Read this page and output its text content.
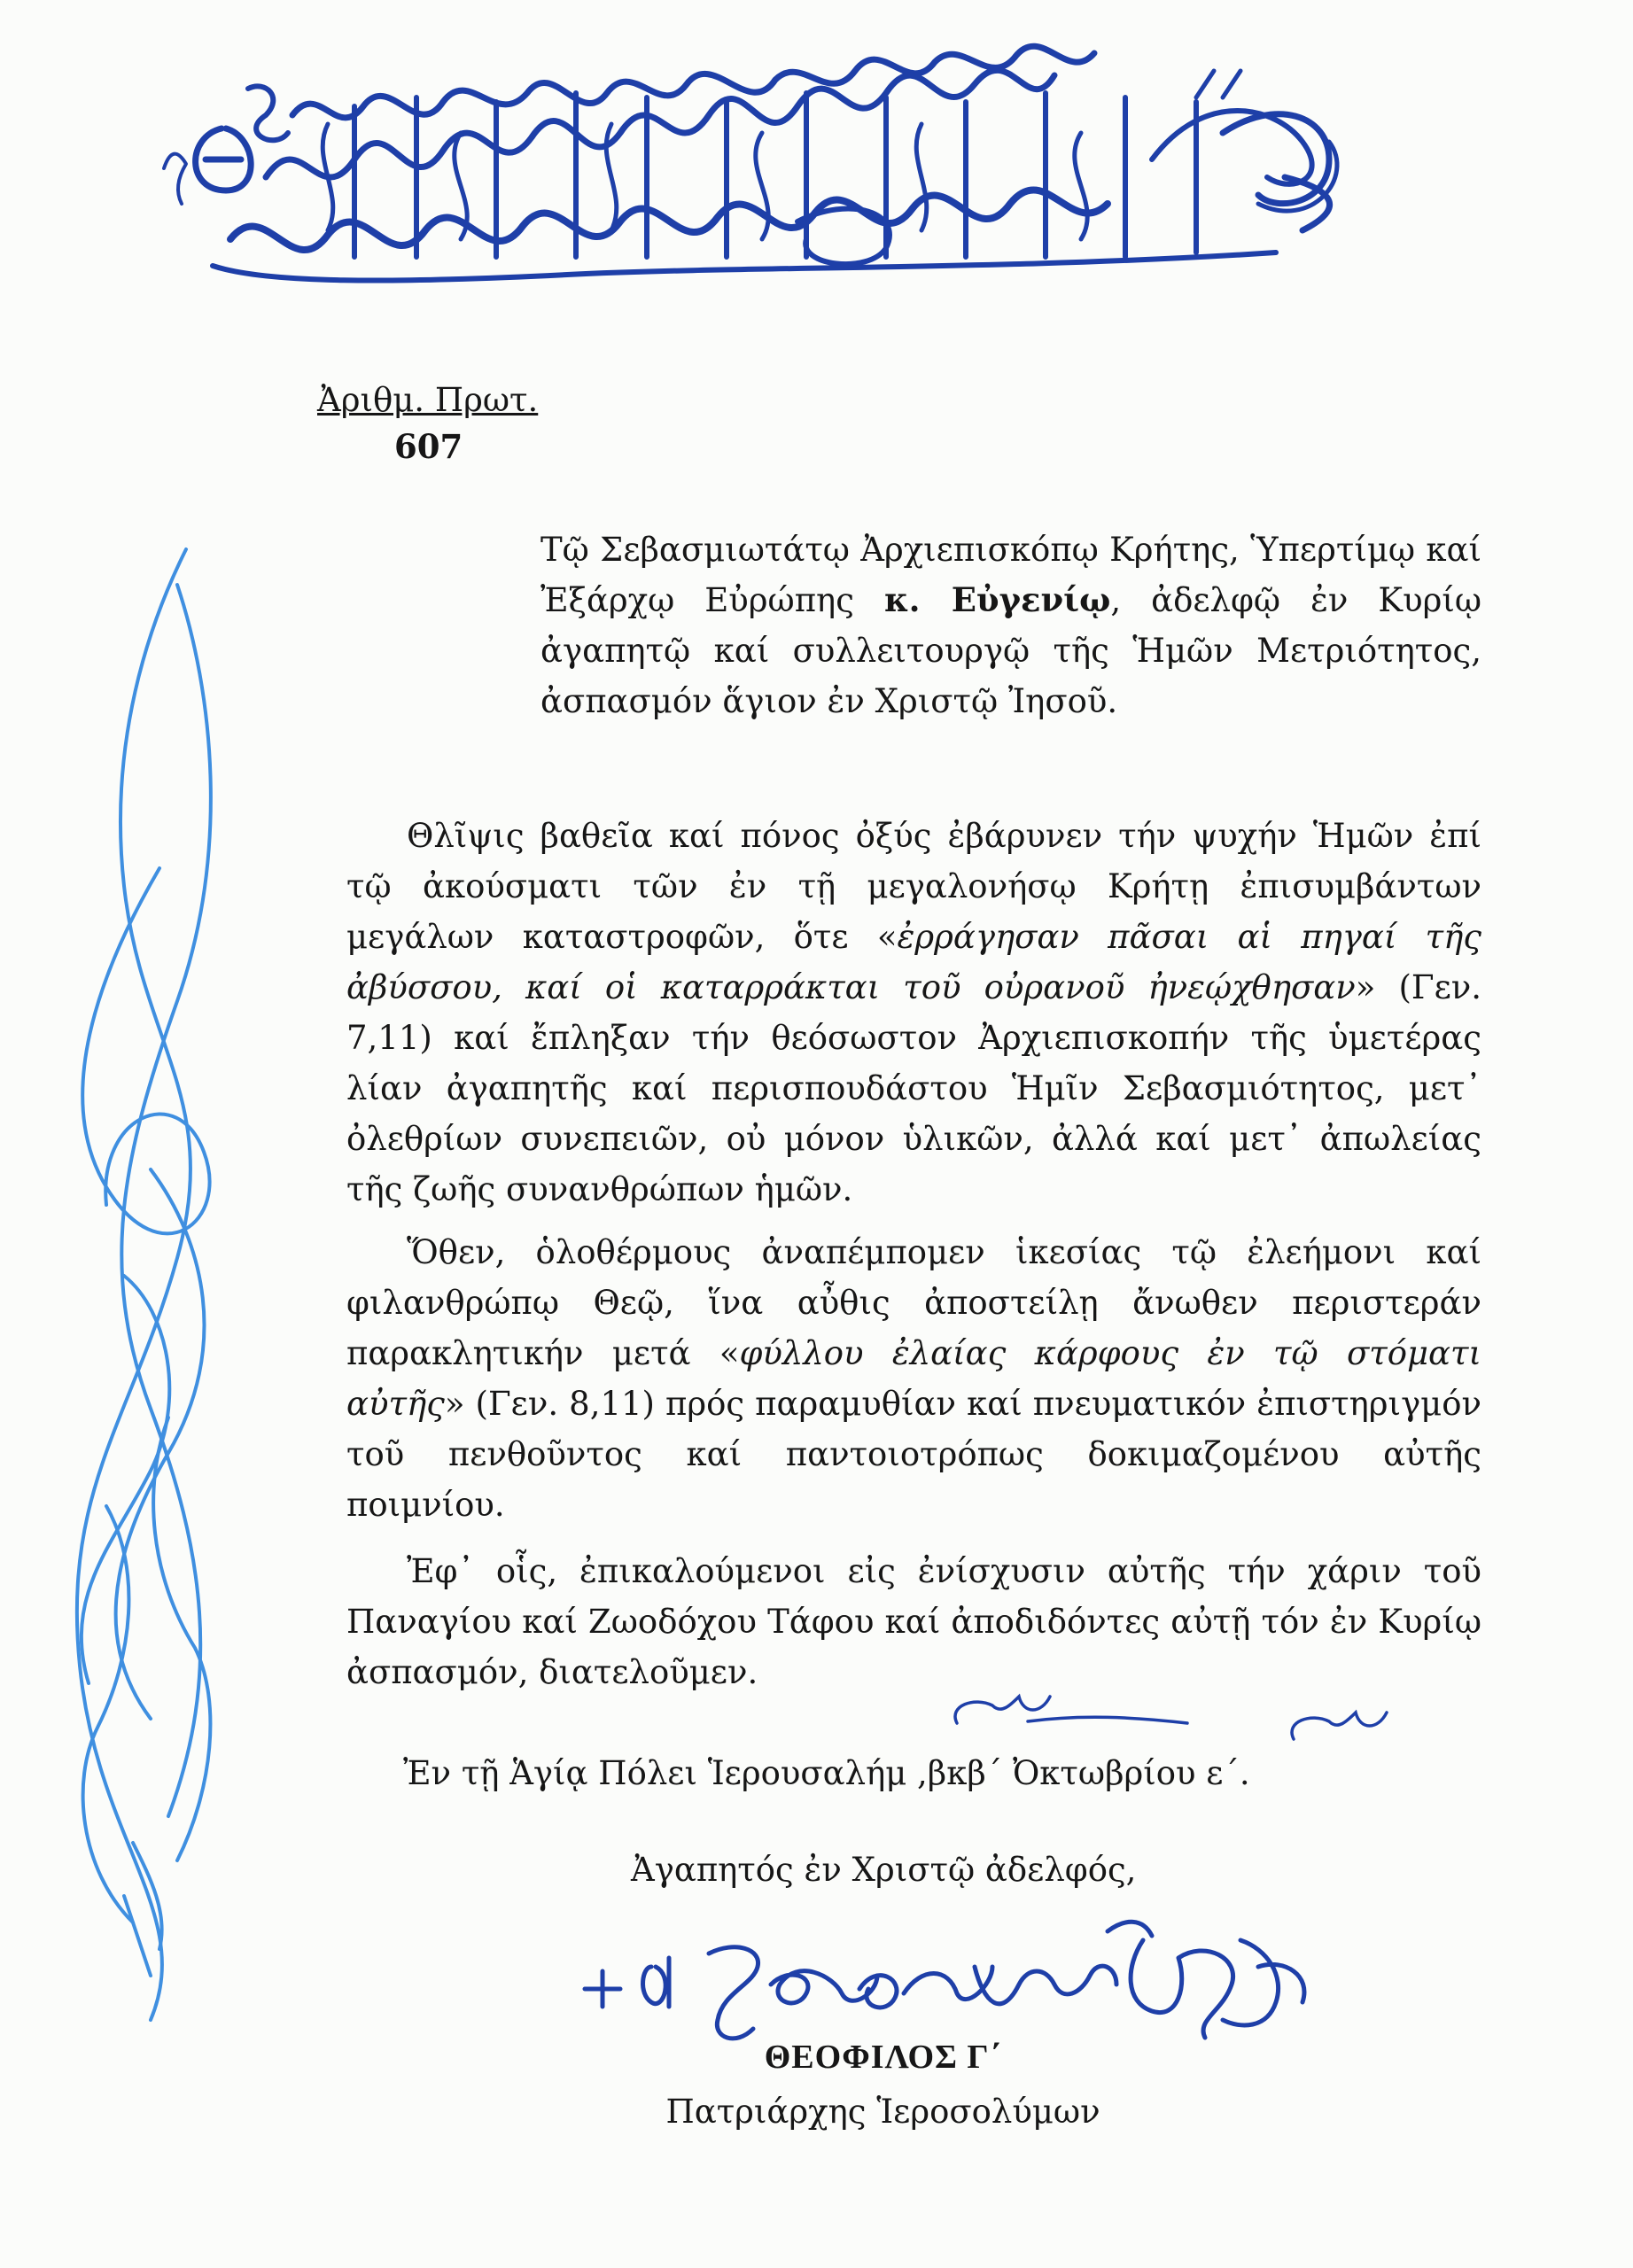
Ἀριθμ. Πρωτ.
607
Τῷ Σεβασμιωτάτῳ Ἀρχιεπισκόπῳ Κρήτης, Ὑπερτίμῳ καί Ἐξάρχῳ Εὐρώπης κ. Εὐγενίῳ, ἀδελφῷ ἐν Κυρίῳ ἀγαπητῷ καί συλλειτουργῷ τῆς Ἡμῶν Μετριότητος, ἀσπασμόν ἅγιον ἐν Χριστῷ Ἰησοῦ.
Θλῖψις βαθεῖα καί πόνος ὀξύς ἐβάρυνεν τήν ψυχήν Ἡμῶν ἐπί τῷ ἀκούσματι τῶν ἐν τῇ μεγαλονήσῳ Κρήτῃ ἐπισυμβάντων μεγάλων καταστροφῶν, ὅτε «ἐρράγησαν πᾶσαι αἱ πηγαί τῆς ἀβύσσου, καί οἱ καταρράκται τοῦ οὐρανοῦ ἠνεῴχθησαν» (Γεν. 7,11) καί ἔπληξαν τήν θεόσωστον Ἀρχιεπισκοπήν τῆς ὑμετέρας λίαν ἀγαπητῆς καί περισπουδάστου Ἡμῖν Σεβασμιότητος, μετ᾽ ὀλεθρίων συνεπειῶν, οὐ μόνον ὑλικῶν, ἀλλά καί μετ᾽ ἀπωλείας τῆς ζωῆς συνανθρώπων ἡμῶν.
Ὅθεν, ὁλοθέρμους ἀναπέμπομεν ἱκεσίας τῷ ἐλεήμονι καί φιλανθρώπῳ Θεῷ, ἵνα αὖθις ἀποστείλῃ ἄνωθεν περιστεράν παρακλητικήν μετά «φύλλου ἐλαίας κάρφους ἐν τῷ στόματι αὐτῆς» (Γεν. 8,11) πρός παραμυθίαν καί πνευματικόν ἐπιστηριγμόν τοῦ πενθοῦντος καί παντοιοτρόπως δοκιμαζομένου αὐτῆς ποιμνίου.
Ἐφ᾽ οἷς, ἐπικαλούμενοι εἰς ἐνίσχυσιν αὐτῆς τήν χάριν τοῦ Παναγίου καί Ζωοδόχου Τάφου καί ἀποδιδόντες αὐτῇ τόν ἐν Κυρίῳ ἀσπασμόν, διατελοῦμεν.
Ἐν τῇ Ἁγίᾳ Πόλει Ἱερουσαλήμ ,βκβ´ Ὀκτωβρίου ε´.
Ἀγαπητός ἐν Χριστῷ ἀδελφός,
ΘΕΟΦΙΛΟΣ Γ΄
Πατριάρχης Ἱεροσολύμων
